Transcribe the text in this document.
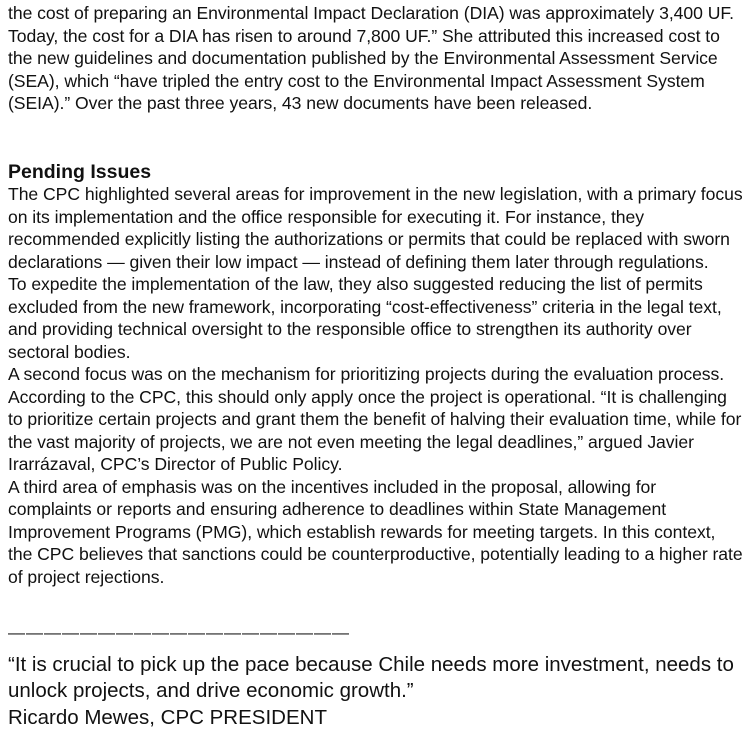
the cost of preparing an Environmental Impact Declaration (DIA) was approximately 3,400 UF. Today, the cost for a DIA has risen to around 7,800 UF.” She attributed this increased cost to the new guidelines and documentation published by the Environmental Assessment Service (SEA), which “have tripled the entry cost to the Environmental Impact Assessment System (SEIA).” Over the past three years, 43 new documents have been released.

Pending Issues

The CPC highlighted several areas for improvement in the new legislation, with a primary focus on its implementation and the office responsible for executing it. For instance, they recommended explicitly listing the authorizations or permits that could be replaced with sworn declarations — given their low impact — instead of defining them later through regulations.

To expedite the implementation of the law, they also suggested reducing the list of permits excluded from the new framework, incorporating “cost-effectiveness” criteria in the legal text, and providing technical oversight to the responsible office to strengthen its authority over sectoral bodies.

A second focus was on the mechanism for prioritizing projects during the evaluation process. According to the CPC, this should only apply once the project is operational. “It is challenging to prioritize certain projects and grant them the benefit of halving their evaluation time, while for the vast majority of projects, we are not even meeting the legal deadlines,” argued Javier Irarrázaval, CPC’s Director of Public Policy.

A third area of emphasis was on the incentives included in the proposal, allowing for complaints or reports and ensuring adherence to deadlines within State Management Improvement Programs (PMG), which establish rewards for meeting targets. In this context, the CPC believes that sanctions could be counterproductive, potentially leading to a higher rate of project rejections.

———————————————————

“It is crucial to pick up the pace because Chile needs more investment, needs to unlock projects, and drive economic growth.”

Ricardo Mewes, CPC PRESIDENT
